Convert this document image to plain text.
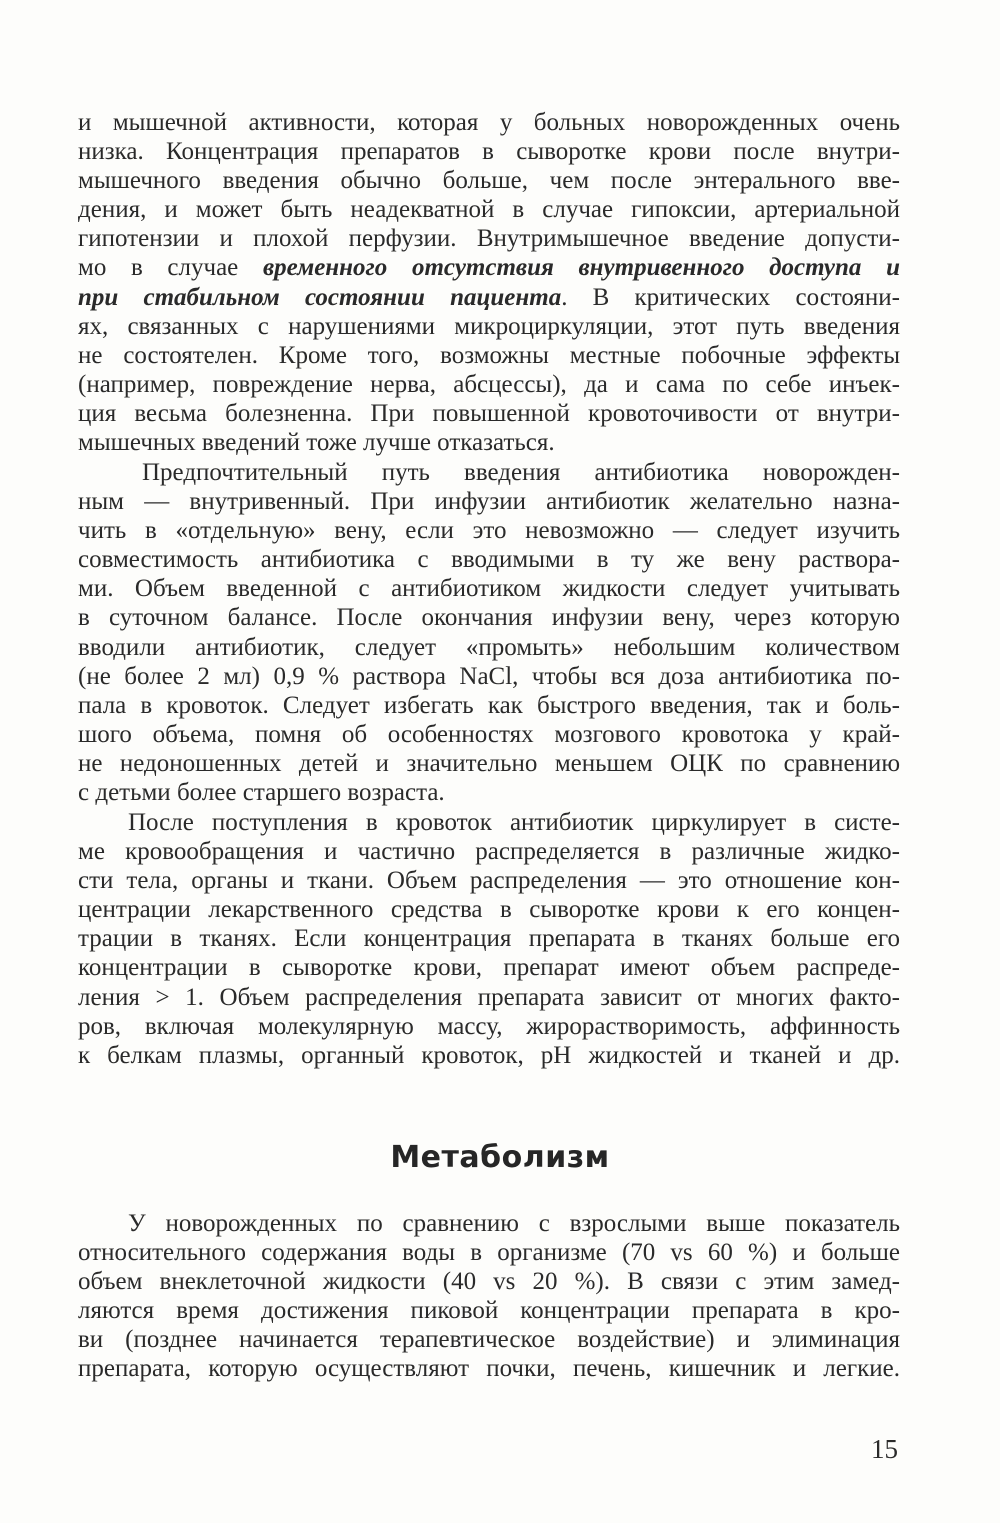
и мышечной активности, которая у больных новорожденных очень
низка. Концентрация препаратов в сыворотке крови после внутри-
мышечного введения обычно больше, чем после энтерального вве-
дения, и может быть неадекватной в случае гипоксии, артериальной
гипотензии и плохой перфузии. Внутримышечное введение допусти-
мо в случае временного отсутствия внутривенного доступа и
при стабильном состоянии пациента. В критических состояни-
ях, связанных с нарушениями микроциркуляции, этот путь введения
не состоятелен. Кроме того, возможны местные побочные эффекты
(например, повреждение нерва, абсцессы), да и сама по себе инъек-
ция весьма болезненна. При повышенной кровоточивости от внутри-
мышечных введений тоже лучше отказаться.
Предпочтительный путь введения антибиотика новорожден-
ным — внутривенный. При инфузии антибиотик желательно назна-
чить в «отдельную» вену, если это невозможно — следует изучить
совместимость антибиотика с вводимыми в ту же вену раствора-
ми. Объем введенной с антибиотиком жидкости следует учитывать
в суточном балансе. После окончания инфузии вену, через которую
вводили антибиотик, следует «промыть» небольшим количеством
(не более 2 мл) 0,9 % раствора NaCl, чтобы вся доза антибиотика по-
пала в кровоток. Следует избегать как быстрого введения, так и боль-
шого объема, помня об особенностях мозгового кровотока у край-
не недоношенных детей и значительно меньшем ОЦК по сравнению
с детьми более старшего возраста.
После поступления в кровоток антибиотик циркулирует в систе-
ме кровообращения и частично распределяется в различные жидко-
сти тела, органы и ткани. Объем распределения — это отношение кон-
центрации лекарственного средства в сыворотке крови к его концен-
трации в тканях. Если концентрация препарата в тканях больше его
концентрации в сыворотке крови, препарат имеют объем распреде-
ления > 1. Объем распределения препарата зависит от многих факто-
ров, включая молекулярную массу, жирорастворимость, аффинность
к белкам плазмы, органный кровоток, pH жидкостей и тканей и др.
Метаболизм
У новорожденных по сравнению с взрослыми выше показатель
относительного содержания воды в организме (70 vs 60 %) и больше
объем внеклеточной жидкости (40 vs 20 %). В связи с этим замед-
ляются время достижения пиковой концентрации препарата в кро-
ви (позднее начинается терапевтическое воздействие) и элиминация
препарата, которую осуществляют почки, печень, кишечник и легкие.
15
